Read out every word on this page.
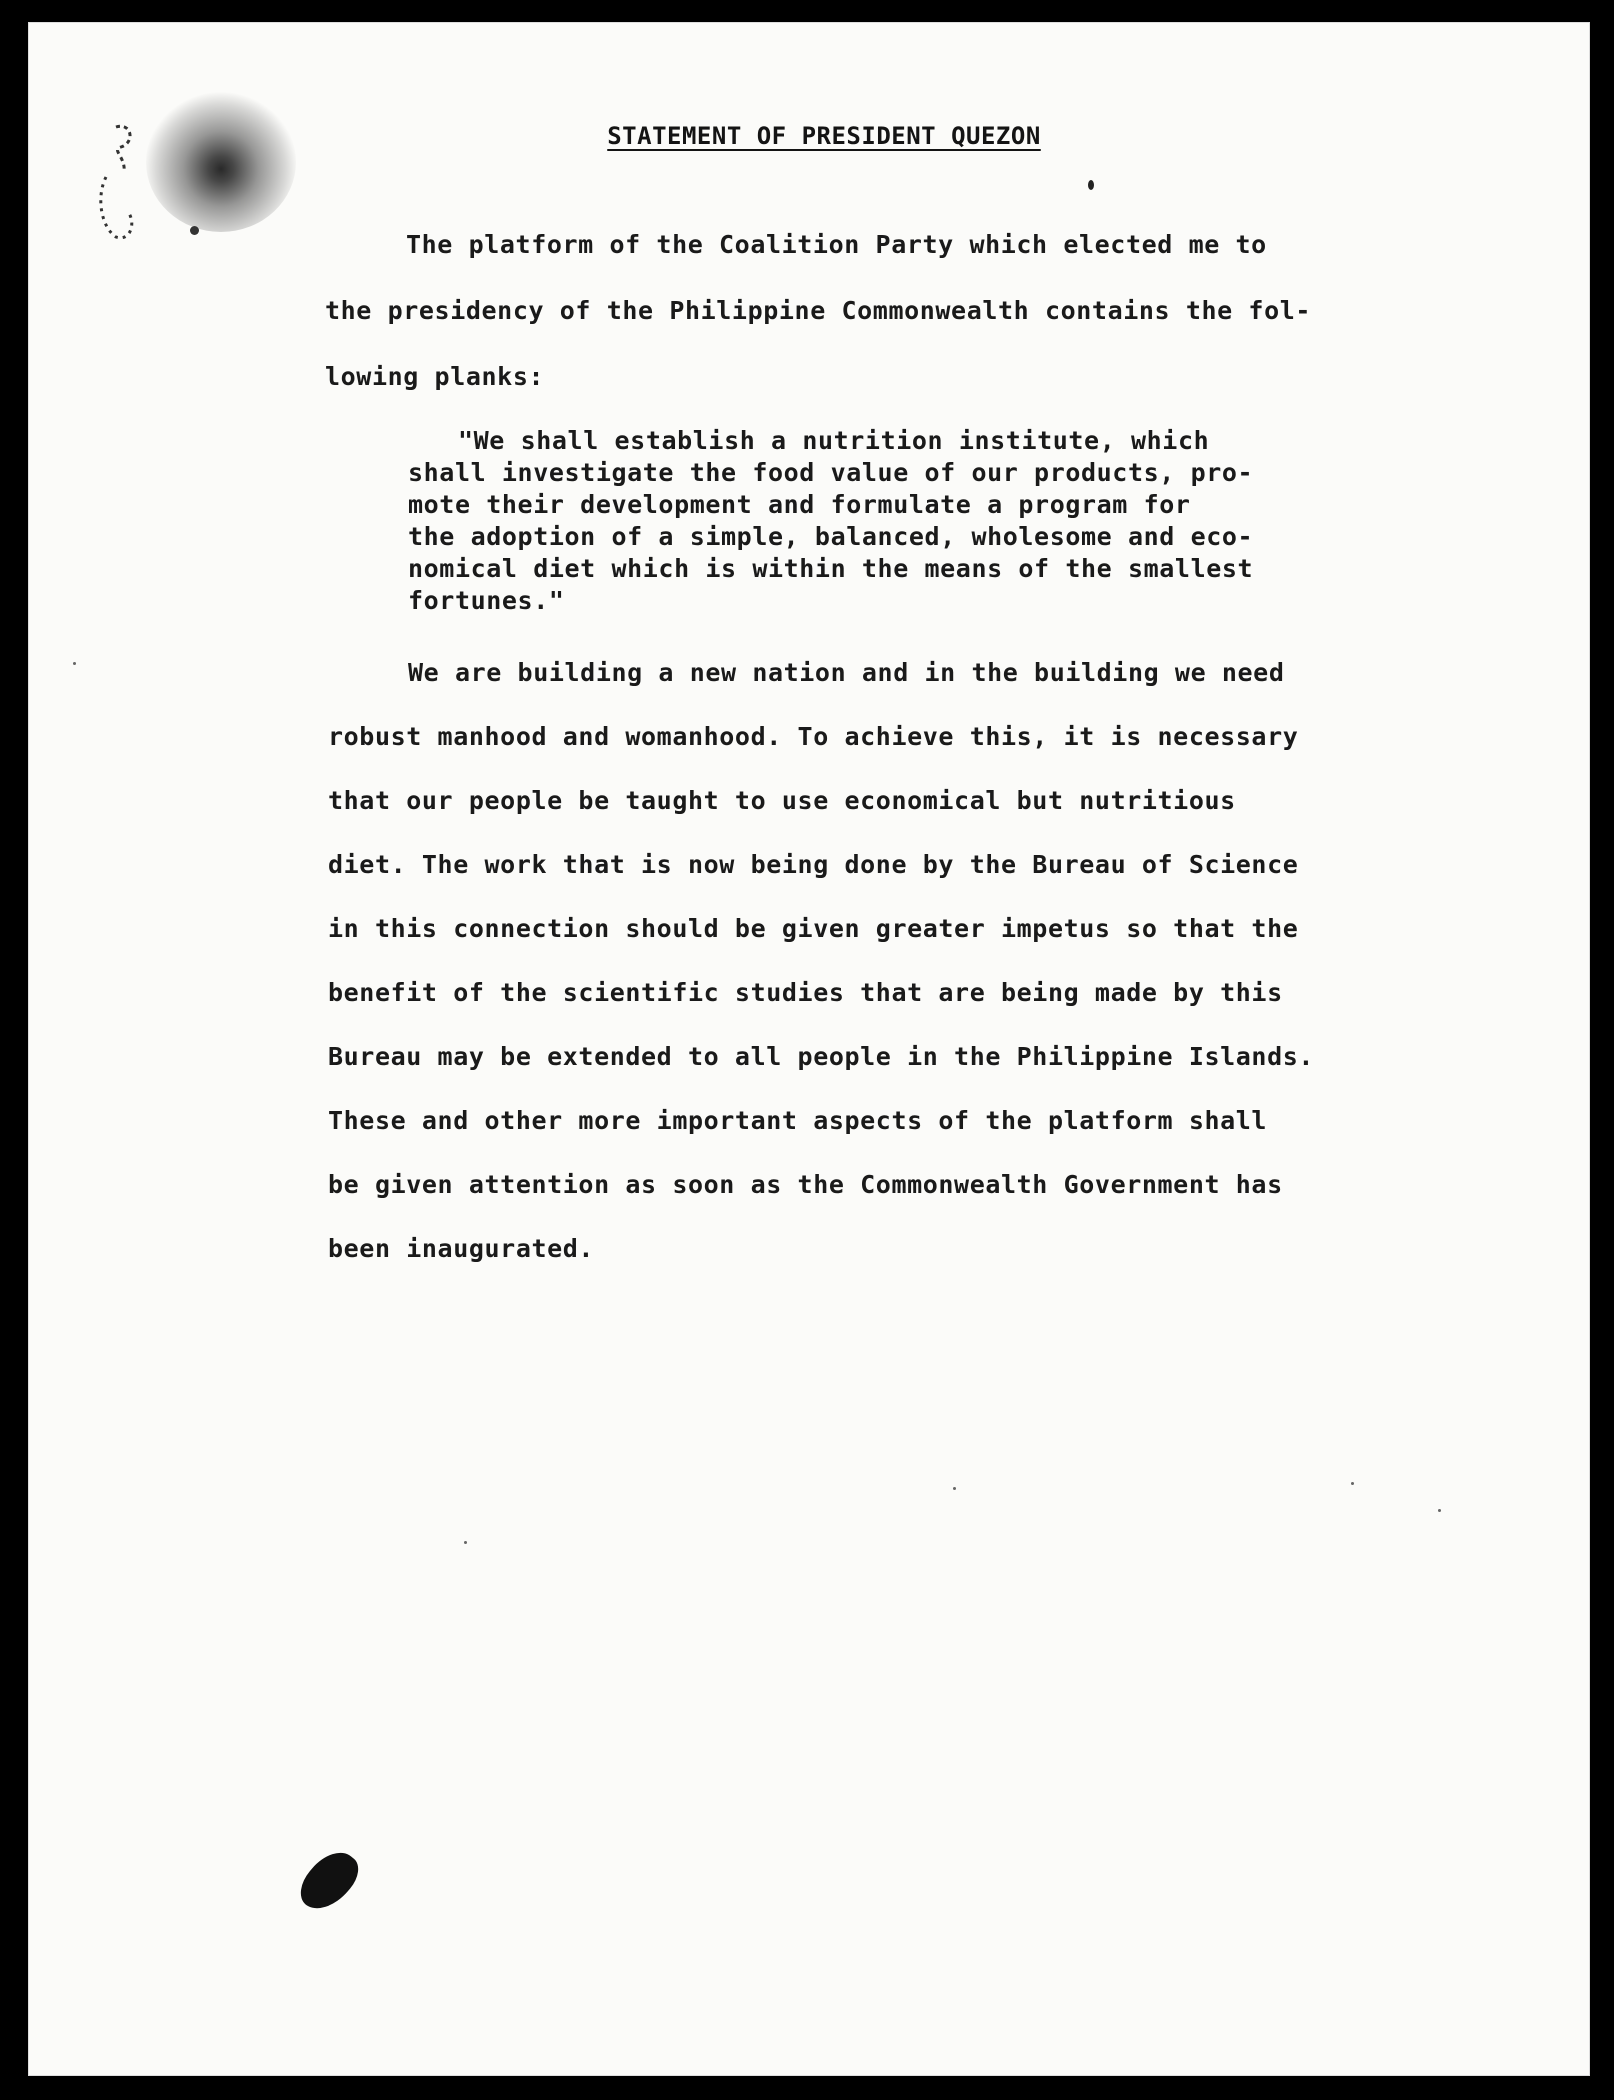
STATEMENT OF PRESIDENT QUEZON
The platform of the Coalition Party which elected me to
the presidency of the Philippine Commonwealth contains the fol-
lowing planks:
"We shall establish a nutrition institute, which
shall investigate the food value of our products, pro-
mote their development and formulate a program for
the adoption of a simple, balanced, wholesome and eco-
nomical diet which is within the means of the smallest
fortunes."
We are building a new nation and in the building we need
robust manhood and womanhood. To achieve this, it is necessary
that our people be taught to use economical but nutritious
diet. The work that is now being done by the Bureau of Science
in this connection should be given greater impetus so that the
benefit of the scientific studies that are being made by this
Bureau may be extended to all people in the Philippine Islands.
These and other more important aspects of the platform shall
be given attention as soon as the Commonwealth Government has
been inaugurated.
